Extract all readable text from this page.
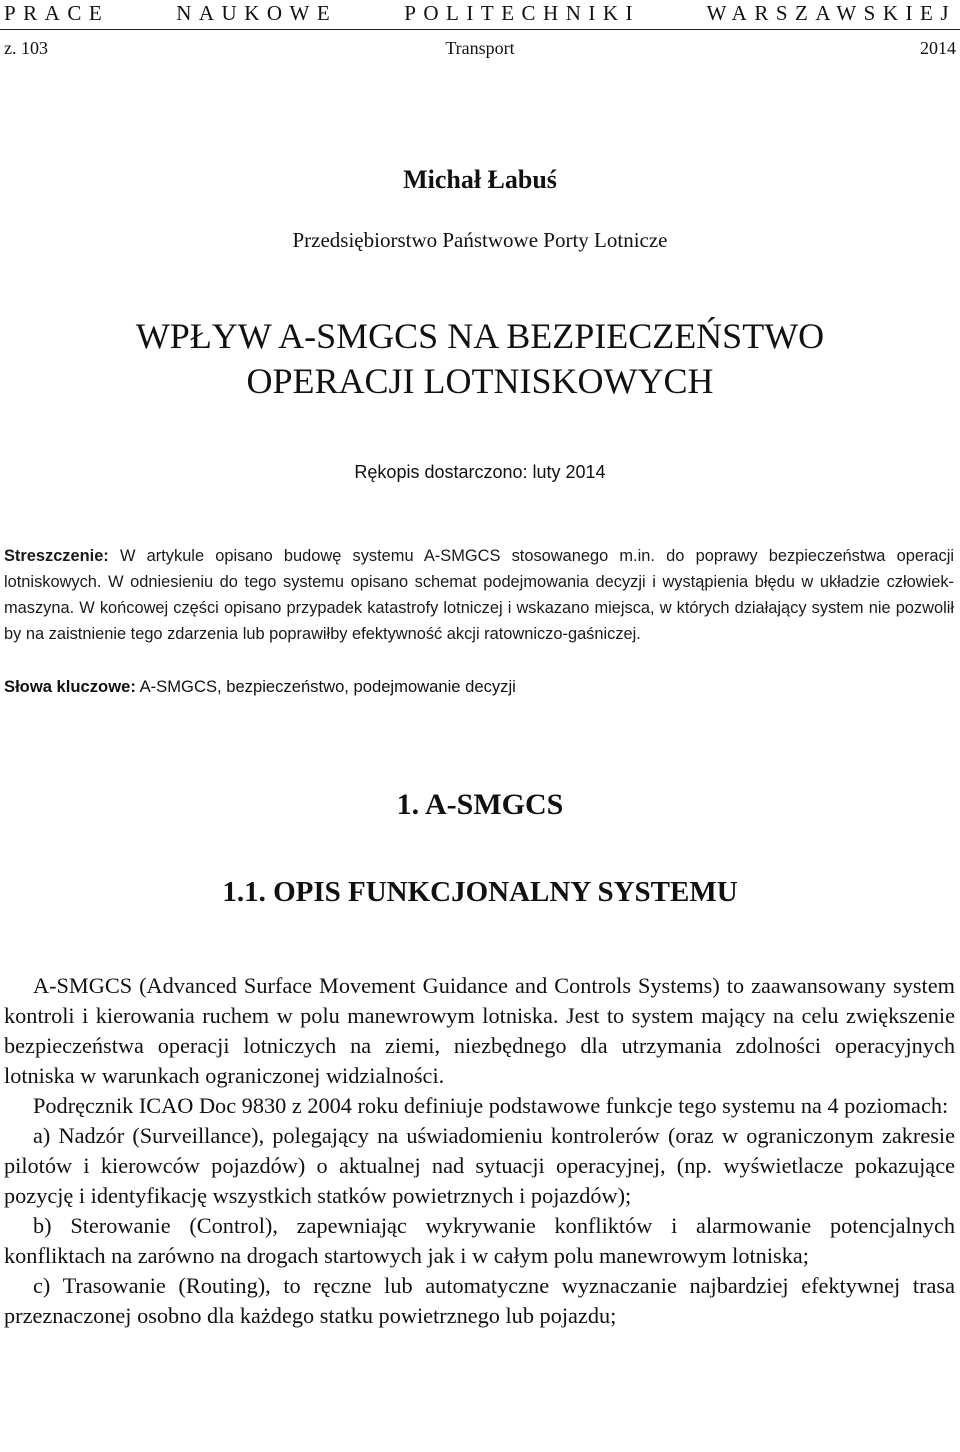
PRACE NAUKOWE POLITECHNIKI WARSZAWSKIEJ
z. 103	Transport	2014
Michał Łabuś
Przedsiębiorstwo Państwowe Porty Lotnicze
WPŁYW A-SMGCS NA BEZPIECZEŃSTWO
OPERACJI LOTNISKOWYCH
Rękopis dostarczono: luty 2014
Streszczenie: W artykule opisano budowę systemu A-SMGCS stosowanego m.in. do poprawy bezpieczeństwa operacji lotniskowych. W odniesieniu do tego systemu opisano schemat podejmowania decyzji i wystąpienia błędu w układzie człowiek-maszyna. W końcowej części opisano przypadek katastrofy lotniczej i wskazano miejsca, w których działający system nie pozwolił by na zaistnienie tego zdarzenia lub poprawiłby efektywność akcji ratowniczo-gaśniczej.
Słowa kluczowe: A-SMGCS, bezpieczeństwo, podejmowanie decyzji
1. A-SMGCS
1.1. OPIS FUNKCJONALNY SYSTEMU

A-SMGCS (Advanced Surface Movement Guidance and Controls Systems) to zaawansowany system kontroli i kierowania ruchem w polu manewrowym lotniska. Jest to system mający na celu zwiększenie bezpieczeństwa operacji lotniczych na ziemi, niezbędnego dla utrzymania zdolności operacyjnych lotniska w warunkach ograniczonej widzialności.

Podręcznik ICAO Doc 9830 z 2004 roku definiuje podstawowe funkcje tego systemu na 4 poziomach:

a) Nadzór (Surveillance), polegający na uświadomieniu kontrolerów (oraz w ograniczonym zakresie pilotów i kierowców pojazdów) o aktualnej nad sytuacji operacyjnej, (np. wyświetlacze pokazujące pozycję i identyfikację wszystkich statków powietrznych i pojazdów);

b) Sterowanie (Control), zapewniając wykrywanie konfliktów i alarmowanie potencjalnych konfliktach na zarówno na drogach startowych jak i w całym polu manewrowym lotniska;

c) Trasowanie (Routing), to ręczne lub automatyczne wyznaczanie najbardziej efektywnej trasa przeznaczonej osobno dla każdego statku powietrznego lub pojazdu;
